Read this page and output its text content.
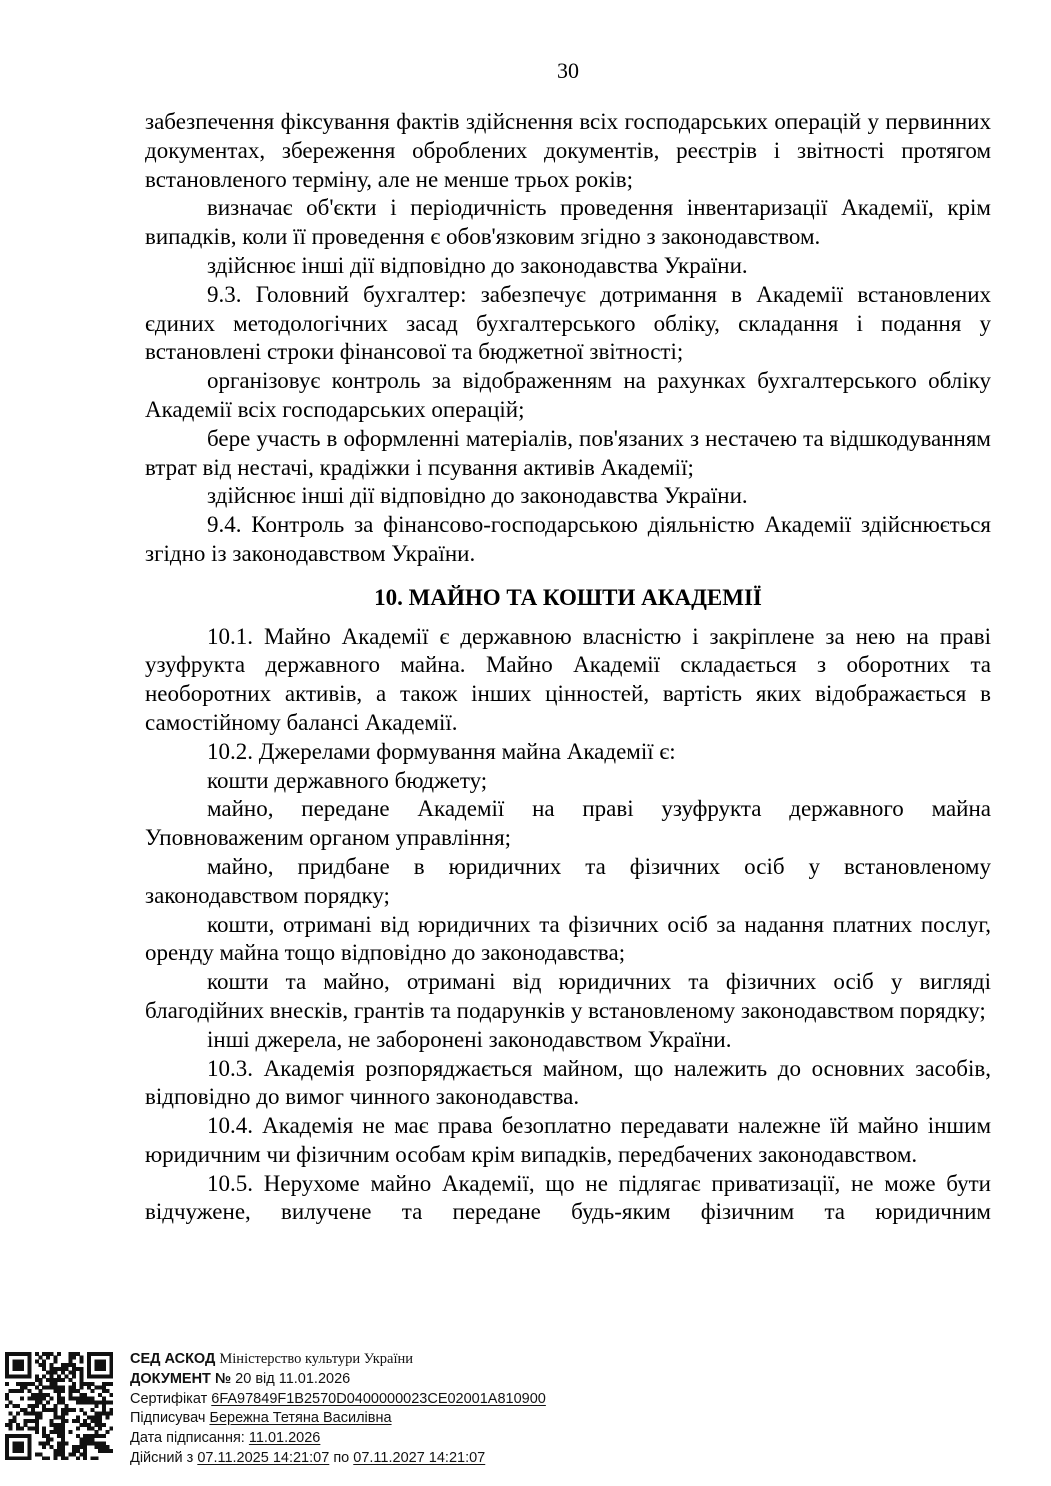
30

забезпечення фіксування фактів здійснення всіх господарських операцій у первинних документах, збереження оброблених документів, реєстрів і звітності протягом встановленого терміну, але не менше трьох років;

визначає об'єкти і періодичність проведення інвентаризації Академії, крім випадків, коли її проведення є обов'язковим згідно з законодавством.

здійснює інші дії відповідно до законодавства України.

9.3. Головний бухгалтер: забезпечує дотримання в Академії встановлених єдиних методологічних засад бухгалтерського обліку, складання і подання у встановлені строки фінансової та бюджетної звітності;

організовує контроль за відображенням на рахунках бухгалтерського обліку Академії всіх господарських операцій;

бере участь в оформленні матеріалів, пов'язаних з нестачею та відшкодуванням втрат від нестачі, крадіжки і псування активів Академії;

здійснює інші дії відповідно до законодавства України.

9.4. Контроль за фінансово-господарською діяльністю Академії здійснюється згідно із законодавством України.

10. МАЙНО ТА КОШТИ АКАДЕМІЇ

10.1. Майно Академії є державною власністю і закріплене за нею на праві узуфрукта державного майна. Майно Академії складається з оборотних та необоротних активів, а також інших цінностей, вартість яких відображається в самостійному балансі Академії.

10.2. Джерелами формування майна Академії є:

кошти державного бюджету;

майно, передане Академії на праві узуфрукта державного майна Уповноваженим органом управління;

майно, придбане в юридичних та фізичних осіб у встановленому законодавством порядку;

кошти, отримані від юридичних та фізичних осіб за надання платних послуг, оренду майна тощо відповідно до законодавства;

кошти та майно, отримані від юридичних та фізичних осіб у вигляді благодійних внесків, грантів та подарунків у встановленому законодавством порядку;

інші джерела, не заборонені законодавством України.

10.3. Академія розпоряджається майном, що належить до основних засобів, відповідно до вимог чинного законодавства.

10.4. Академія не має права безоплатно передавати належне їй майно іншим юридичним чи фізичним особам крім випадків, передбачених законодавством.

10.5. Нерухоме майно Академії, що не підлягає приватизації, не може бути відчужене, вилучене та передане будь-яким фізичним та юридичним

СЕД АСКОД Міністерство культури України
ДОКУМЕНТ № 20 від 11.01.2026
Сертифікат 6FA97849F1B2570D0400000023CE02001A810900
Підписувач Бережна Тетяна Василівна
Дата підписання: 11.01.2026
Дійсний з 07.11.2025 14:21:07 по 07.11.2027 14:21:07
